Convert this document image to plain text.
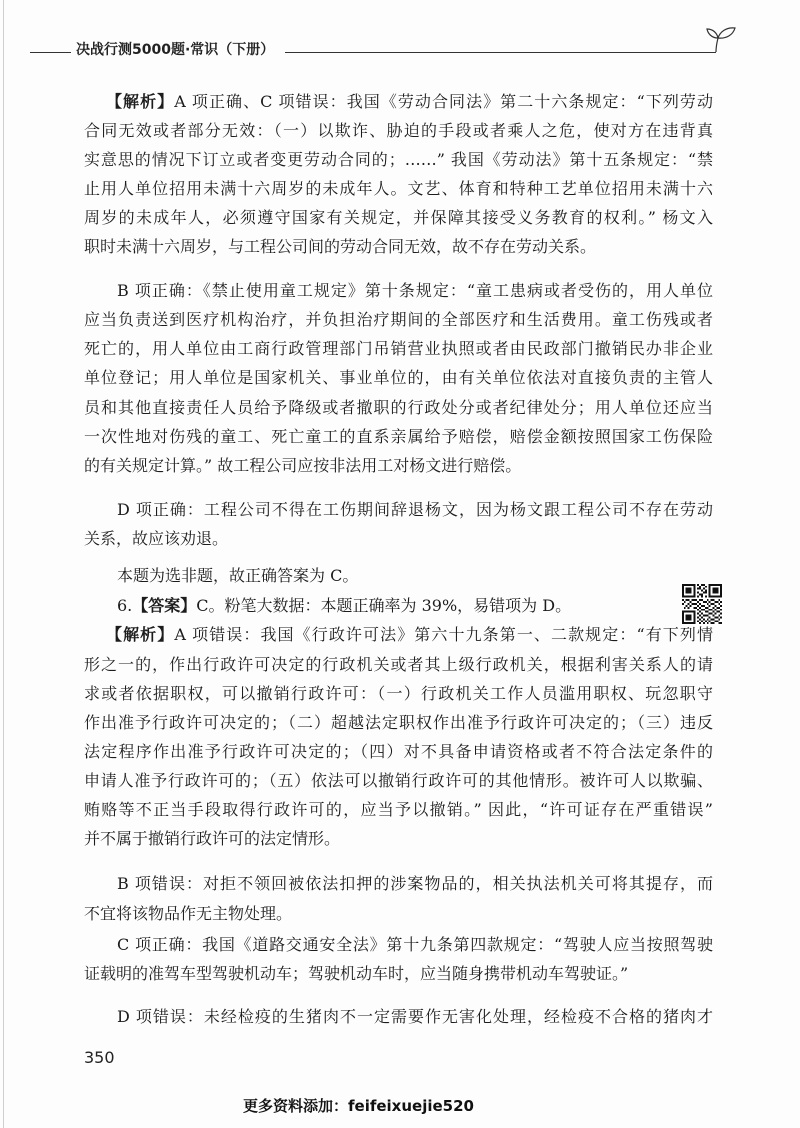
决战行测5000题·常识（下册）
【解析】A 项正确、C 项错误：我国《劳动合同法》第二十六条规定：“下列劳动
合同无效或者部分无效：（一）以欺诈、胁迫的手段或者乘人之危，使对方在违背真
实意思的情况下订立或者变更劳动合同的；……” 我国《劳动法》第十五条规定：“禁
止用人单位招用未满十六周岁的未成年人。文艺、体育和特种工艺单位招用未满十六
周岁的未成年人，必须遵守国家有关规定，并保障其接受义务教育的权利。” 杨文入
职时未满十六周岁，与工程公司间的劳动合同无效，故不存在劳动关系。
B 项正确：《禁止使用童工规定》第十条规定：“童工患病或者受伤的，用人单位
应当负责送到医疗机构治疗，并负担治疗期间的全部医疗和生活费用。童工伤残或者
死亡的，用人单位由工商行政管理部门吊销营业执照或者由民政部门撤销民办非企业
单位登记；用人单位是国家机关、事业单位的，由有关单位依法对直接负责的主管人
员和其他直接责任人员给予降级或者撤职的行政处分或者纪律处分；用人单位还应当
一次性地对伤残的童工、死亡童工的直系亲属给予赔偿，赔偿金额按照国家工伤保险
的有关规定计算。” 故工程公司应按非法用工对杨文进行赔偿。
D 项正确：工程公司不得在工伤期间辞退杨文，因为杨文跟工程公司不存在劳动
关系，故应该劝退。
本题为选非题，故正确答案为 C。
6.【答案】C。粉笔大数据：本题正确率为 39%，易错项为 D。
【解析】A 项错误：我国《行政许可法》第六十九条第一、二款规定：“有下列情
形之一的，作出行政许可决定的行政机关或者其上级行政机关，根据利害关系人的请
求或者依据职权，可以撤销行政许可：（一）行政机关工作人员滥用职权、玩忽职守
作出准予行政许可决定的；（二）超越法定职权作出准予行政许可决定的；（三）违反
法定程序作出准予行政许可决定的；（四）对不具备申请资格或者不符合法定条件的
申请人准予行政许可的；（五）依法可以撤销行政许可的其他情形。被许可人以欺骗、
贿赂等不正当手段取得行政许可的，应当予以撤销。” 因此，“许可证存在严重错误”
并不属于撤销行政许可的法定情形。
B 项错误：对拒不领回被依法扣押的涉案物品的，相关执法机关可将其提存，而
不宜将该物品作无主物处理。
C 项正确：我国《道路交通安全法》第十九条第四款规定：“驾驶人应当按照驾驶
证载明的准驾车型驾驶机动车；驾驶机动车时，应当随身携带机动车驾驶证。”
D 项错误：未经检疫的生猪肉不一定需要作无害化处理，经检疫不合格的猪肉才
350
更多资料添加：feifeixuejie520
